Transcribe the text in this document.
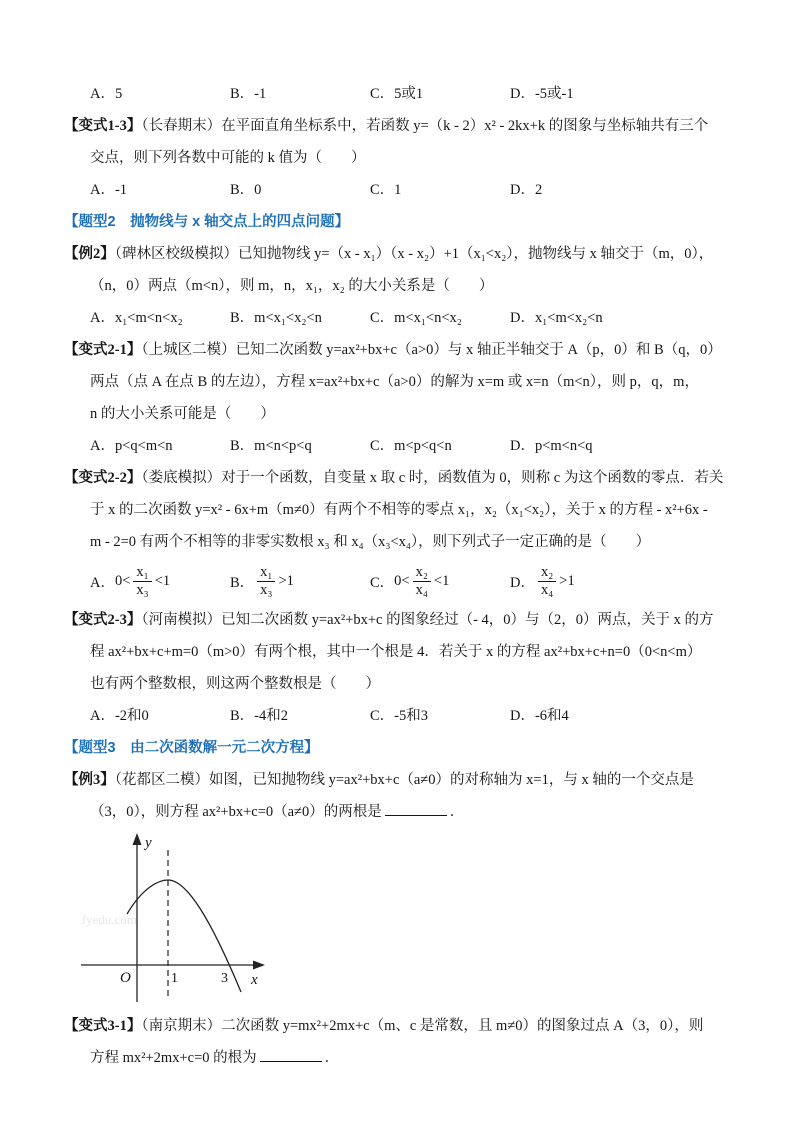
A．5	B．-1	C．5或1	D．-5或-1
【变式1-3】（长春期末）在平面直角坐标系中，若函数 y=（k - 2）x² - 2kx+k 的图象与坐标轴共有三个
交点，则下列各数中可能的 k 值为（　　）
A．-1	B．0	C．1	D．2
【题型2　抛物线与 x 轴交点上的四点问题】
【例2】（碑林区校级模拟）已知抛物线 y=（x - x₁）（x - x₂）+1（x₁<x₂），抛物线与 x 轴交于（m，0），
（n，0）两点（m<n），则 m，n，x₁，x₂ 的大小关系是（　　）
A．x₁<m<n<x₂	B．m<x₁<x₂<n	C．m<x₁<n<x₂	D．x₁<m<x₂<n
【变式2-1】（上城区二模）已知二次函数 y=ax²+bx+c（a>0）与 x 轴正半轴交于 A（p，0）和 B（q，0）
两点（点 A 在点 B 的左边），方程 x=ax²+bx+c（a>0）的解为 x=m 或 x=n（m<n），则 p，q，m，
n 的大小关系可能是（　　）
A．p<q<m<n	B．m<n<p<q	C．m<p<q<n	D．p<m<n<q
【变式2-2】（娄底模拟）对于一个函数，自变量 x 取 c 时，函数值为 0，则称 c 为这个函数的零点．若关
于 x 的二次函数 y=x² - 6x+m（m≠0）有两个不相等的零点 x₁，x₂（x₁<x₂），关于 x 的方程 - x²+6x -
m - 2=0 有两个不相等的非零实数根 x₃ 和 x₄（x₃<x₄），则下列式子一定正确的是（　　）
A． $0< \frac{\text{x₁}}{\text{x₃}} <1$	B． $\frac{\text{x₁}}{\text{x₃}} >1$	C． $0< \frac{\text{x₂}}{\text{x₄}} <1$	D． $\frac{\text{x₂}}{\text{x₄}} >1$
【变式2-3】（河南模拟）已知二次函数 y=ax²+bx+c 的图象经过（- 4，0）与（2，0）两点，关于 x 的方
程 ax²+bx+c+m=0（m>0）有两个根，其中一个根是 4．若关于 x 的方程 ax²+bx+c+n=0（0<n<m）
也有两个整数根，则这两个整数根是（　　）
A．-2和0	B．-4和2	C．-5和3	D．-6和4
【题型3　由二次函数解一元二次方程】
【例3】（花都区二模）如图，已知抛物线 y=ax²+bx+c（a≠0）的对称轴为 x=1，与 x 轴的一个交点是
（3，0），则方程 ax²+bx+c=0（a≠0）的两根是	．
Jyedu.com
y
x
O	1	3
【变式3-1】（南京期末）二次函数 y=mx²+2mx+c（m、c 是常数，且 m≠0）的图象过点 A（3，0），则
方程 mx²+2mx+c=0 的根为	．
